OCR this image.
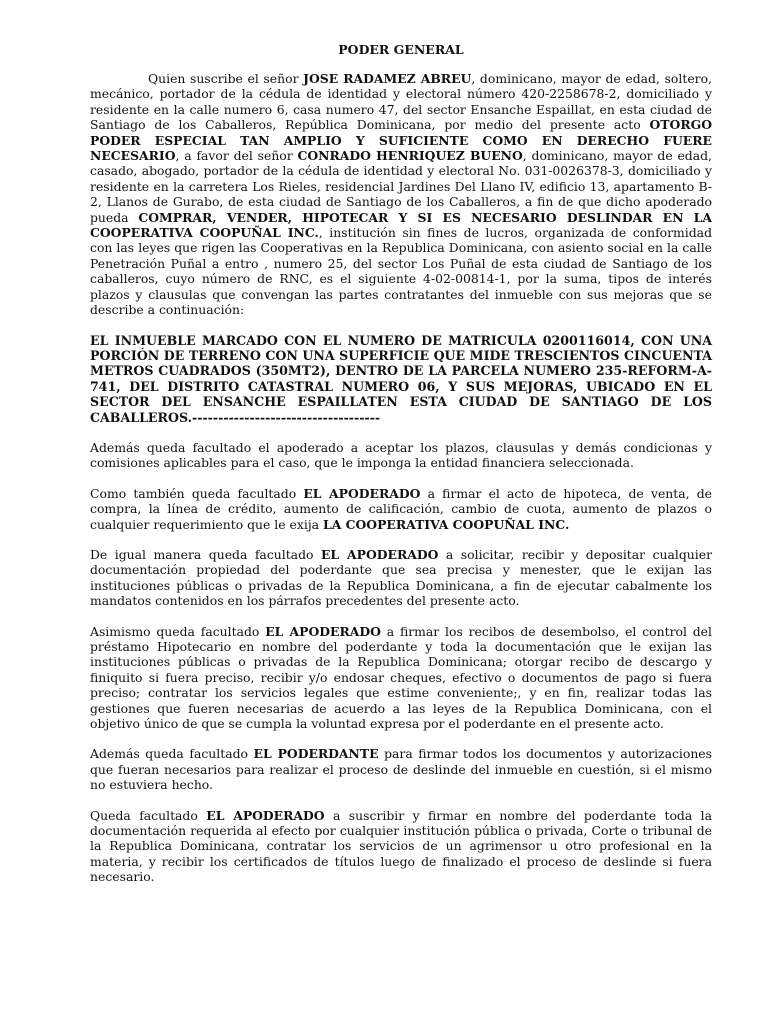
PODER GENERAL

Quien suscribe el señor JOSE RADAMEZ ABREU, dominicano, mayor de edad, soltero, mecánico, portador de la cédula de identidad y electoral número 420-2258678-2, domiciliado y residente en la calle numero 6, casa numero 47, del sector Ensanche Espaillat, en esta ciudad de Santiago de los Caballeros, República Dominicana, por medio del presente acto OTORGO PODER ESPECIAL TAN AMPLIO Y SUFICIENTE COMO EN DERECHO FUERE NECESARIO, a favor del señor CONRADO HENRIQUEZ BUENO, dominicano, mayor de edad, casado, abogado, portador de la cédula de identidad y electoral No. 031-0026378-3, domiciliado y residente en la carretera Los Rieles, residencial Jardines Del Llano IV, edificio 13, apartamento B-2, Llanos de Gurabo, de esta ciudad de Santiago de los Caballeros, a fin de que dicho apoderado pueda COMPRAR, VENDER, HIPOTECAR Y SI ES NECESARIO DESLINDAR EN LA COOPERATIVA COOPUÑAL INC., institución sin fines de lucros, organizada de conformidad con las leyes que rigen las Cooperativas en la Republica Dominicana, con asiento social en la calle Penetración Puñal a entro , numero 25, del sector Los Puñal de esta ciudad de Santiago de los caballeros, cuyo número de RNC, es el siguiente 4-02-00814-1, por la suma, tipos de interés plazos y clausulas que convengan las partes contratantes del inmueble con sus mejoras que se describe a continuación:

EL INMUEBLE MARCADO CON EL NUMERO DE MATRICULA 0200116014, CON UNA PORCIÓN DE TERRENO CON UNA SUPERFICIE QUE MIDE TRESCIENTOS CINCUENTA METROS CUADRADOS (350MT2), DENTRO DE LA PARCELA NUMERO 235-REFORM-A-741, DEL DISTRITO CATASTRAL NUMERO 06, Y SUS MEJORAS, UBICADO EN EL SECTOR DEL ENSANCHE ESPAILLATEN ESTA CIUDAD DE SANTIAGO DE LOS CABALLEROS.------------------------------------

Además queda facultado el apoderado a aceptar los plazos, clausulas y demás condicionas y comisiones aplicables para el caso, que le imponga la entidad financiera seleccionada.

Como también queda facultado EL APODERADO a firmar el acto de hipoteca, de venta, de compra, la línea de crédito, aumento de calificación, cambio de cuota, aumento de plazos o cualquier requerimiento que le exija LA COOPERATIVA COOPUÑAL INC.

De igual manera queda facultado EL APODERADO a solicitar, recibir y depositar cualquier documentación propiedad del poderdante que sea precisa y menester, que le exijan las instituciones públicas o privadas de la Republica Dominicana, a fin de ejecutar cabalmente los mandatos contenidos en los párrafos precedentes del presente acto.

Asimismo queda facultado EL APODERADO a firmar los recibos de desembolso, el control del préstamo Hipotecario en nombre del poderdante y toda la documentación que le exijan las instituciones públicas o privadas de la Republica Dominicana; otorgar recibo de descargo y finiquito si fuera preciso, recibir y/o endosar cheques, efectivo o documentos de pago si fuera preciso; contratar los servicios legales que estime conveniente;, y en fin, realizar todas las gestiones que fueren necesarias de acuerdo a las leyes de la Republica Dominicana, con el objetivo único de que se cumpla la voluntad expresa por el poderdante en el presente acto.

Además queda facultado EL PODERDANTE para firmar todos los documentos y autorizaciones que fueran necesarios para realizar el proceso de deslinde del inmueble en cuestión, si el mismo no estuviera hecho.

Queda facultado EL APODERADO a suscribir y firmar en nombre del poderdante toda la documentación requerida al efecto por cualquier institución pública o privada, Corte o tribunal de la Republica Dominicana, contratar los servicios de un agrimensor u otro profesional en la materia, y recibir los certificados de títulos luego de finalizado el proceso de deslinde si fuera necesario.
